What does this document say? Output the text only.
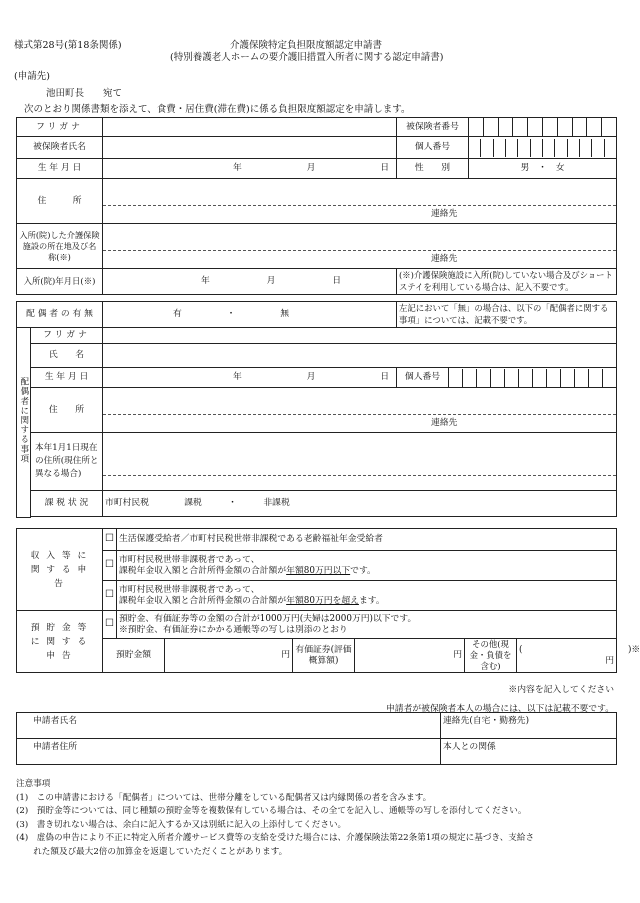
様式第28号(第18条関係)	介護保険特定負担限度額認定申請書
(特別養護老人ホームの要介護旧措置入所者に関する認定申請書)
(申請先)
池田町長　　宛て
次のとおり関係書類を添えて、食費・居住費(滞在費)に係る負担限度額認定を申請します。
フリガナ		被保険者番号	

被保険者氏名		個人番号	

生 年 月 日	年 月 日	性　　別	男　・　女
住　　　所	連絡先		
入所(院)した介護保険施設の所在地及び名称(※)	連絡先		
入所(院)年月日(※)	年 月 日	(※)介護保険施設に入所(院)していない場合及びショートステイを利用している場合は、記入不要です。	
配 偶 者 の 有 無		有 ・ 無	左記において「無」の場合は、以下の「配偶者に関する事項」については、記載不要です。	
配偶者に関する事項	フリガナ			
	氏　　名			
	生 年 月 日	年 月 日	個人番号	

	住　　所	連絡先		
	本年1月1日現在の住所(現住所と異なる場合)			

	課 税 状 況	市町村民税　　　　課税　　　・　　　非課税		

収 入 等 に 関 す る 申 告	☐	生活保護受給者／市町村民税世帯非課税である老齢福祉年金受給者
	☐	市町村民税世帯非課税者であって、
課税年金収入額と合計所得金額の合計額が年額80万円以下です。

	☐	市町村民税世帯非課税者であって、
課税年金収入額と合計所得金額の合計額が年額80万円を超えます。
預 貯 金 等 に 関 す る 申 告	☐	預貯金、有価証券等の金額の合計が1000万円(夫婦は2000万円)以下です。
※預貯金、有価証券にかかる通帳等の写しは別添のとおり					

	預貯金額		円	有価証券(評価概算額)	円	その他(現金・負債を含む)	(　　　　　　　　　　　　)※
円
※内容を記入してください
申請者が被保険者本人の場合には、以下は記載不要です。
申請者氏名	連絡先(自宅・勤務先)
申請者住所	本人との関係
注意事項
(1)　この申請書における「配偶者」については、世帯分離をしている配偶者又は内縁関係の者を含みます。
(2)　預貯金等については、同じ種類の預貯金等を複数保有している場合は、その全てを記入し、通帳等の写しを添付してください。
(3)　書き切れない場合は、余白に記入するか又は別紙に記入の上添付してください。
(4)　虚偽の申告により不正に特定入所者介護サービス費等の支給を受けた場合には、介護保険法第22条第1項の規定に基づき、支給さ
　　れた額及び最大2倍の加算金を返還していただくことがあります。
